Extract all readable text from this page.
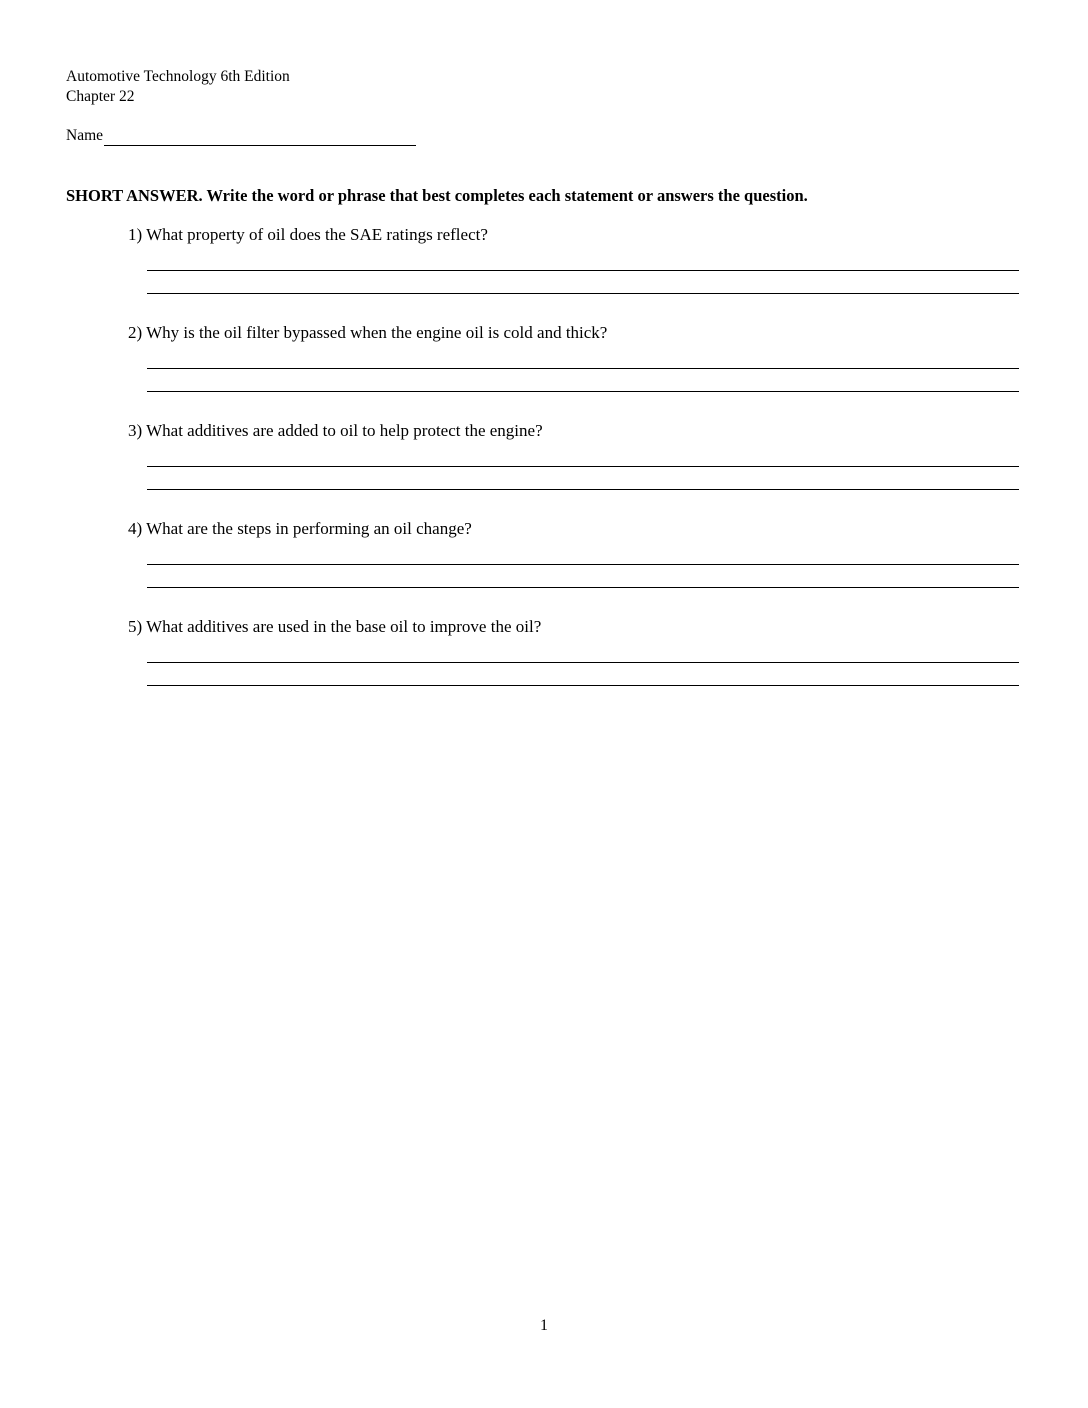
Automotive Technology 6th Edition
Chapter 22
Name
SHORT ANSWER. Write the word or phrase that best completes each statement or answers the question.
1) What property of oil does the SAE ratings reflect?
2) Why is the oil filter bypassed when the engine oil is cold and thick?
3) What additives are added to oil to help protect the engine?
4) What are the steps in performing an oil change?
5) What additives are used in the base oil to improve the oil?
1
